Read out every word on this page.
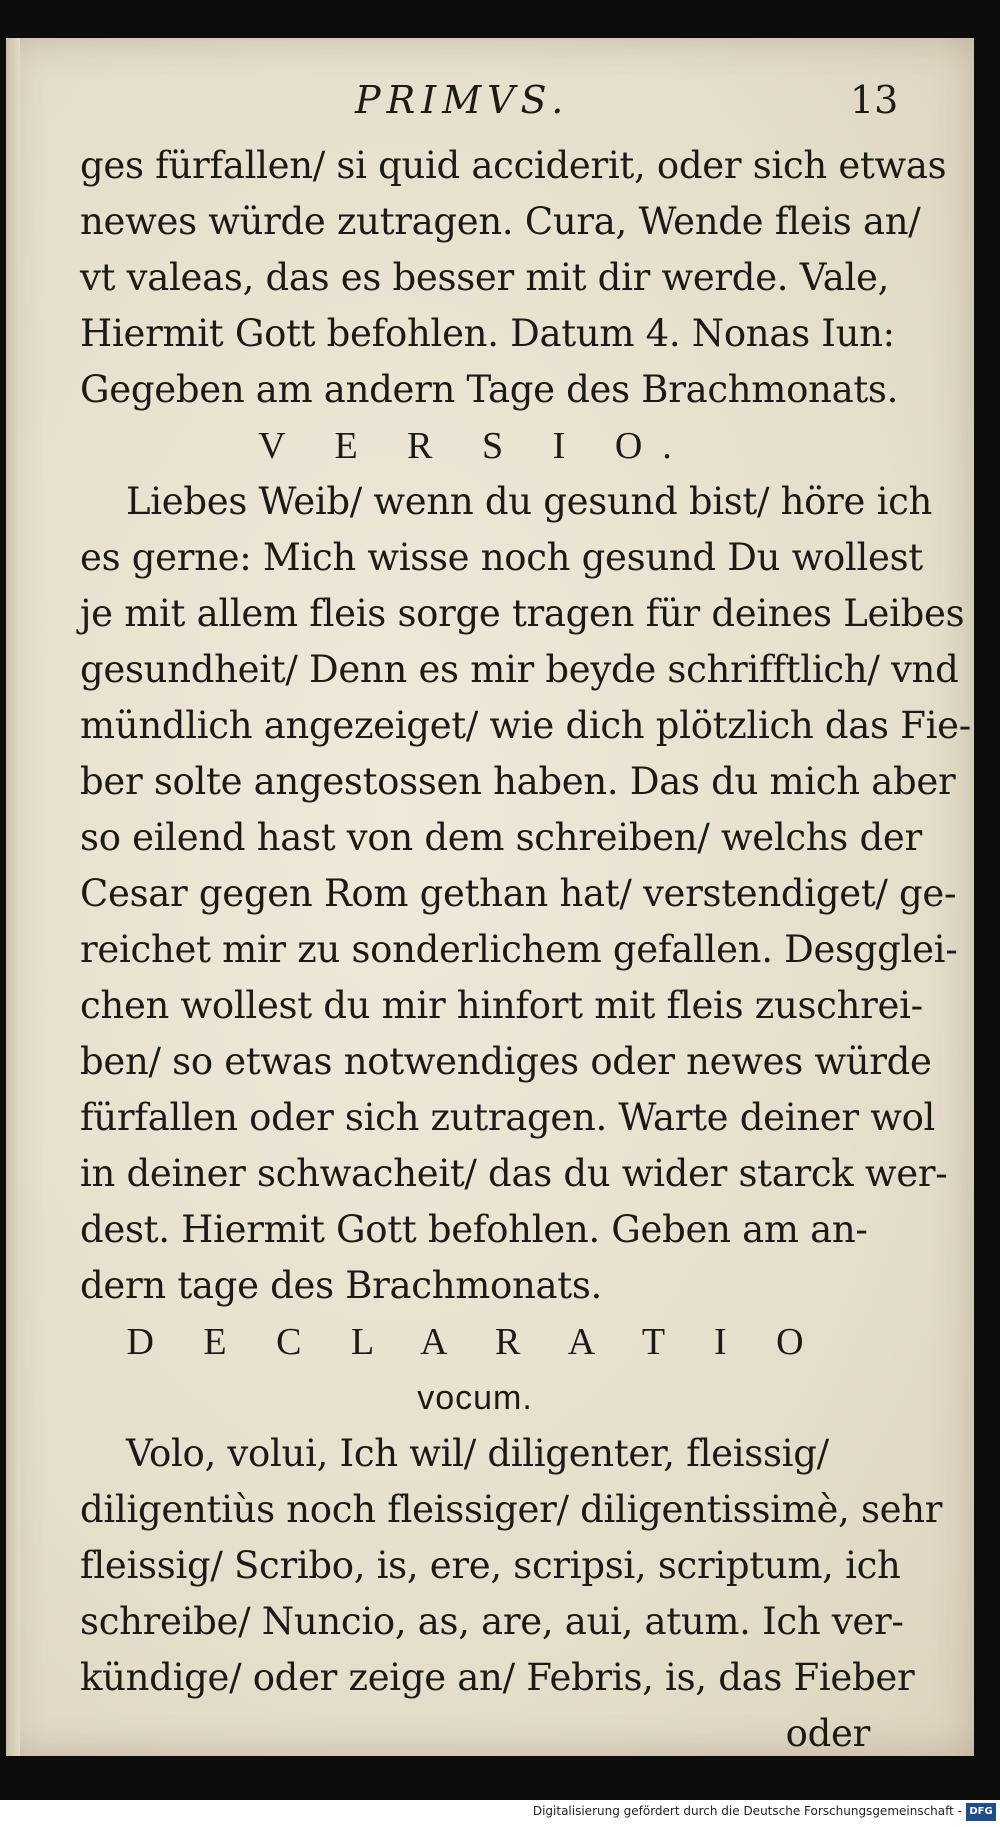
PRIMVS.	13
ges fürfallen/ si quid acciderit, oder sich etwas
newes würde zutragen. Cura, Wende fleis an/
vt valeas, das es besser mit dir werde. Vale,
Hiermit Gott befohlen. Datum 4. Nonas Iun:
Gegeben am andern Tage des Brachmonats.
V E R S I O.
Liebes Weib/ wenn du gesund bist/ höre ich
es gerne: Mich wisse noch gesund Du wollest
je mit allem fleis sorge tragen für deines Leibes
gesundheit/ Denn es mir beyde schrifftlich/ vnd
mündlich angezeiget/ wie dich plötzlich das Fie-
ber solte angestossen haben. Das du mich aber
so eilend hast von dem schreiben/ welchs der
Cesar gegen Rom gethan hat/ verstendiget/ ge-
reichet mir zu sonderlichem gefallen. Desgglei-
chen wollest du mir hinfort mit fleis zuschrei-
ben/ so etwas notwendiges oder newes würde
fürfallen oder sich zutragen. Warte deiner wol
in deiner schwacheit/ das du wider starck wer-
dest. Hiermit Gott befohlen. Geben am an-
dern tage des Brachmonats.
D E C L A R A T I O
vocum.
Volo, volui, Ich wil/ diligenter, fleissig/
diligentiùs noch fleissiger/ diligentissimè, sehr
fleissig/ Scribo, is, ere, scripsi, scriptum, ich
schreibe/ Nuncio, as, are, aui, atum. Ich ver-
kündige/ oder zeige an/ Febris, is, das Fieber
oder
Digitalisierung gefördert durch die Deutsche Forschungsgemeinschaft - DFG
